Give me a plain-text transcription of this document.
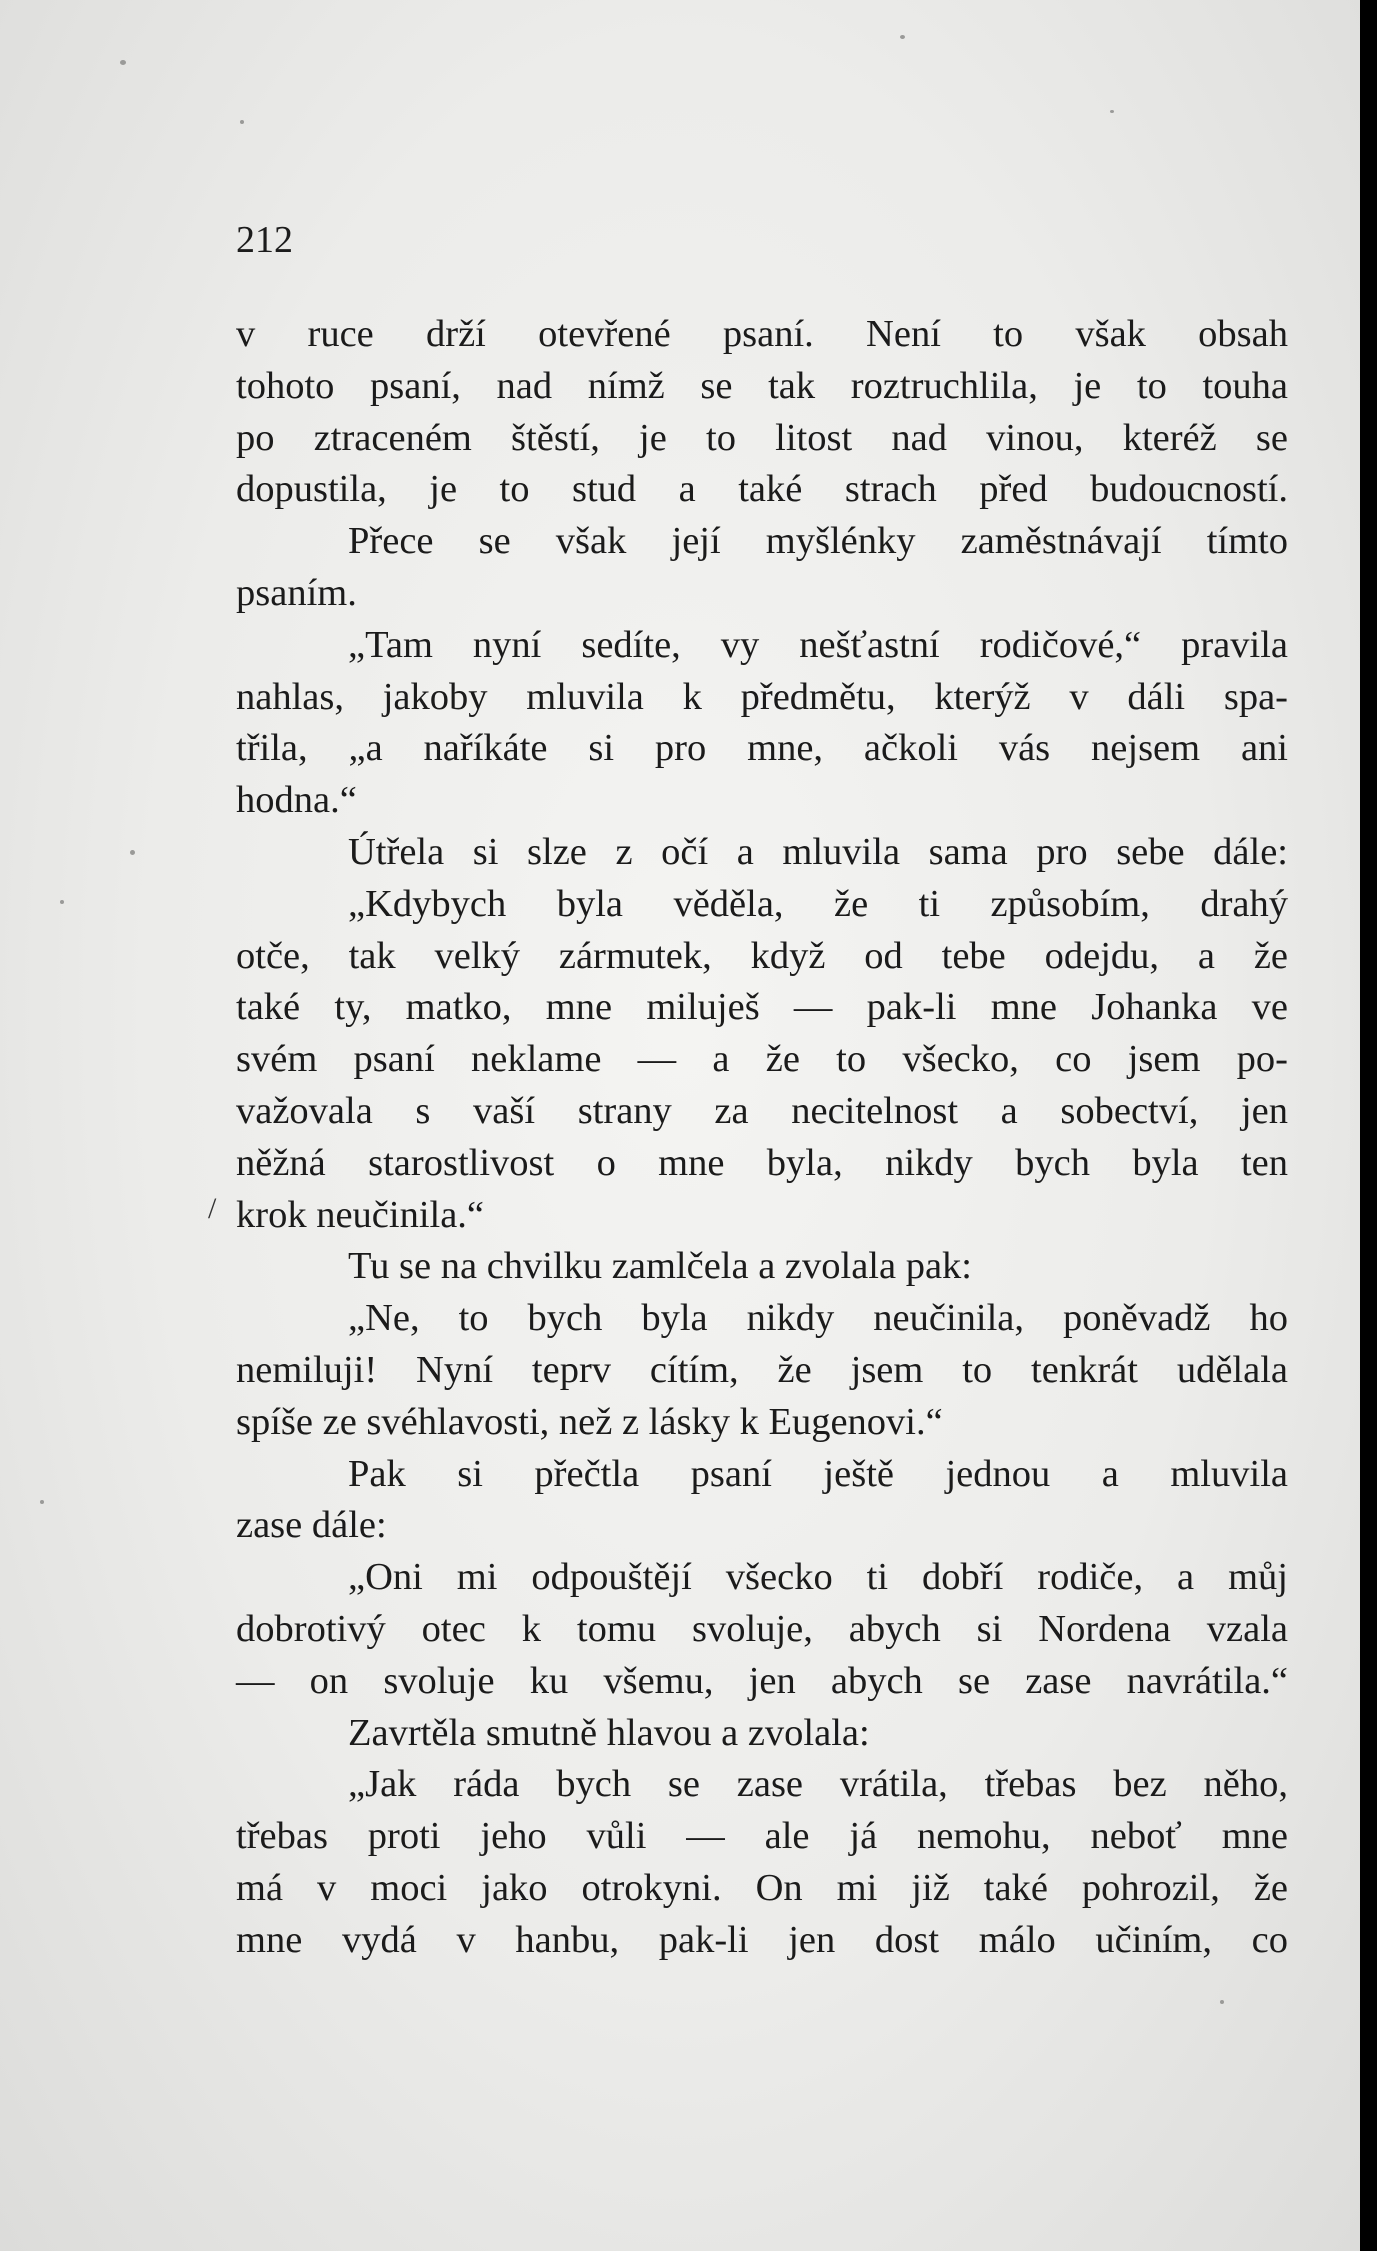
212
/
v ruce drží otevřené psaní. Není to však obsah
tohoto psaní, nad nímž se tak roztruchlila, je to touha
po ztraceném štěstí, je to litost nad vinou, kteréž se
dopustila, je to stud a také strach před budoucností.
Přece se však její myšlénky zaměstnávají tímto
psaním.
„Tam nyní sedíte, vy nešťastní rodičové,“ pravila
nahlas, jakoby mluvila k předmětu, kterýž v dáli spa-
třila, „a naříkáte si pro mne, ačkoli vás nejsem ani
hodna.“
Útřela si slze z očí a mluvila sama pro sebe dále:
„Kdybych byla věděla, že ti způsobím, drahý
otče, tak velký zármutek, když od tebe odejdu, a že
také ty, matko, mne miluješ — pak-li mne Johanka ve
svém psaní neklame — a že to všecko, co jsem po-
važovala s vaší strany za necitelnost a sobectví, jen
něžná starostlivost o mne byla, nikdy bych byla ten
krok neučinila.“
Tu se na chvilku zamlčela a zvolala pak:
„Ne, to bych byla nikdy neučinila, poněvadž ho
nemiluji! Nyní teprv cítím, že jsem to tenkrát udělala
spíše ze svéhlavosti, než z lásky k Eugenovi.“
Pak si přečtla psaní ještě jednou a mluvila
zase dále:
„Oni mi odpouštějí všecko ti dobří rodiče, a můj
dobrotivý otec k tomu svoluje, abych si Nordena vzala
— on svoluje ku všemu, jen abych se zase navrátila.“
Zavrtěla smutně hlavou a zvolala:
„Jak ráda bych se zase vrátila, třebas bez něho,
třebas proti jeho vůli — ale já nemohu, neboť mne
má v moci jako otrokyni. On mi již také pohrozil, že
mne vydá v hanbu, pak-li jen dost málo učiním, co
